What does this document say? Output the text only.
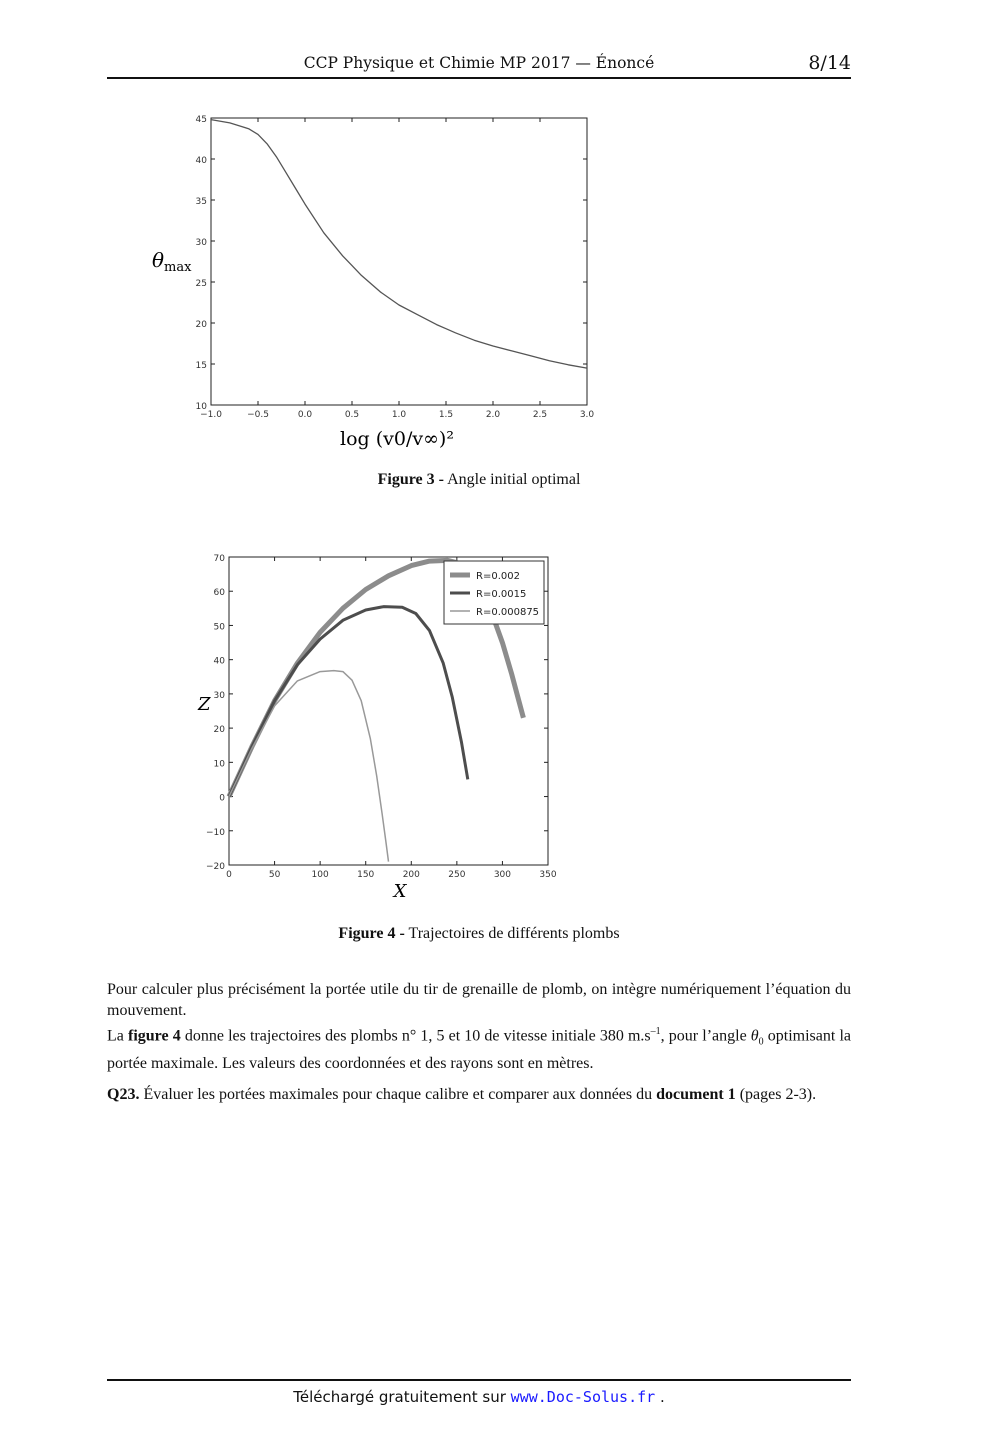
CCP Physique et Chimie MP 2017 — Énoncé	8/14
−1.0	−0.5	0.0	0.5	1.0	1.5	2.0	2.5	3.0
10
15
20
25
30
35
40
45
$\theta_{max}$
log (v0/v∞)²
Figure 3 - Angle initial optimal
0	50	100	150	200	250	300	350
−20
−10
0
10
20
30
40
50
60
70
R=0.002
R=0.0015
R=0.000875
Z
X
Figure 4 - Trajectoires de différents plombs

Pour calculer plus précisément la portée utile du tir de grenaille de plomb, on intègre numériquement l’équation du mouvement.

La figure 4 donne les trajectoires des plombs n° 1, 5 et 10 de vitesse initiale 380 $m.s^{-1}$, pour l’angle $\theta_0$ optimisant la portée maximale. Les valeurs des coordonnées et des rayons sont en mètres.

Q23. Évaluer les portées maximales pour chaque calibre et comparer aux données du document 1 (pages 2-3).

Téléchargé gratuitement sur www.Doc-Solus.fr .
